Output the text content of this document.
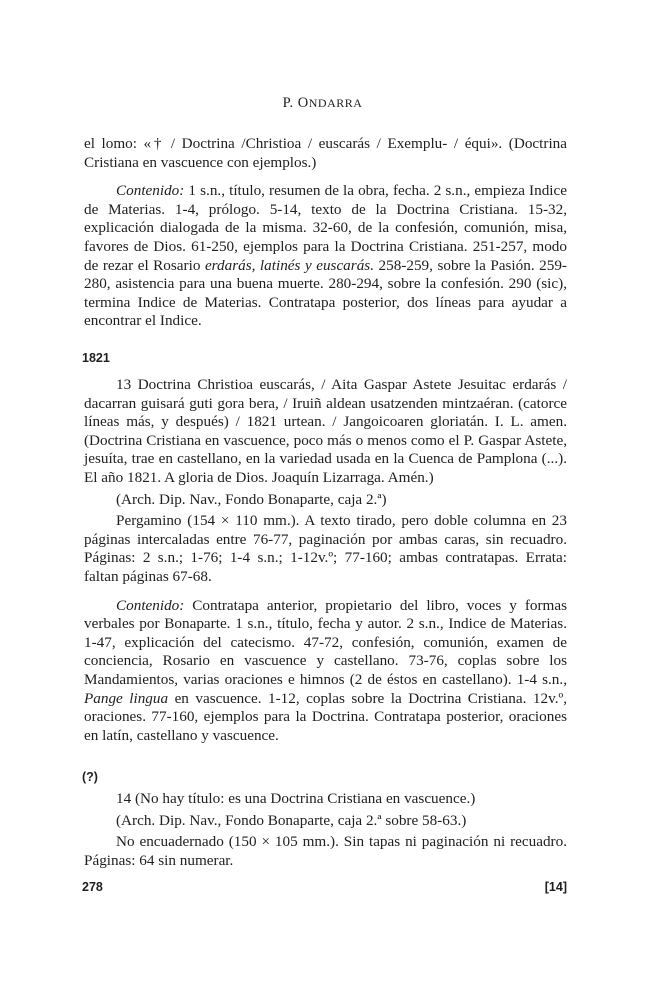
P. ONDARRA

el lomo: «† / Doctrina /Christioa / euscarás / Exemplu- / équi». (Doctrina Cristiana en vascuence con ejemplos.)

Contenido: 1 s.n., título, resumen de la obra, fecha. 2 s.n., empieza Indice de Materias. 1-4, prólogo. 5-14, texto de la Doctrina Cristiana. 15-32, explicación dialogada de la misma. 32-60, de la confesión, comunión, misa, favores de Dios. 61-250, ejemplos para la Doctrina Cristiana. 251-257, modo de rezar el Rosario erdarás, latinés y euscarás. 258-259, sobre la Pasión. 259-280, asistencia para una buena muerte. 280-294, sobre la confesión. 290 (sic), termina Indice de Materias. Contratapa posterior, dos líneas para ayudar a encontrar el Indice.

1821

13 Doctrina Christioa euscarás, / Aita Gaspar Astete Jesuitac erdarás / dacarran guisará guti gora bera, / Iruiñ aldean usatzenden mintzaéran. (catorce líneas más, y después) / 1821 urtean. / Jangoicoaren gloriatán. I. L. amen. (Doctrina Cristiana en vascuence, poco más o menos como el P. Gaspar Astete, jesuíta, trae en castellano, en la variedad usada en la Cuenca de Pamplona (...). El año 1821. A gloria de Dios. Joaquín Lizarraga. Amén.)

(Arch. Dip. Nav., Fondo Bonaparte, caja 2.ª)

Pergamino (154 × 110 mm.). A texto tirado, pero doble columna en 23 páginas intercaladas entre 76-77, paginación por ambas caras, sin recuadro. Páginas: 2 s.n.; 1-76; 1-4 s.n.; 1-12v.º; 77-160; ambas contratapas. Errata: faltan páginas 67-68.

Contenido: Contratapa anterior, propietario del libro, voces y formas verbales por Bonaparte. 1 s.n., título, fecha y autor. 2 s.n., Indice de Materias. 1-47, explicación del catecismo. 47-72, confesión, comunión, examen de conciencia, Rosario en vascuence y castellano. 73-76, coplas sobre los Mandamientos, varias oraciones e himnos (2 de éstos en castellano). 1-4 s.n., Pange lingua en vascuence. 1-12, coplas sobre la Doctrina Cristiana. 12v.º, oraciones. 77-160, ejemplos para la Doctrina. Contratapa posterior, oraciones en latín, castellano y vascuence.

(?)

14 (No hay título: es una Doctrina Cristiana en vascuence.)

(Arch. Dip. Nav., Fondo Bonaparte, caja 2.ª sobre 58-63.)

No encuadernado (150 × 105 mm.). Sin tapas ni paginación ni recuadro. Páginas: 64 sin numerar.

278	[14]
